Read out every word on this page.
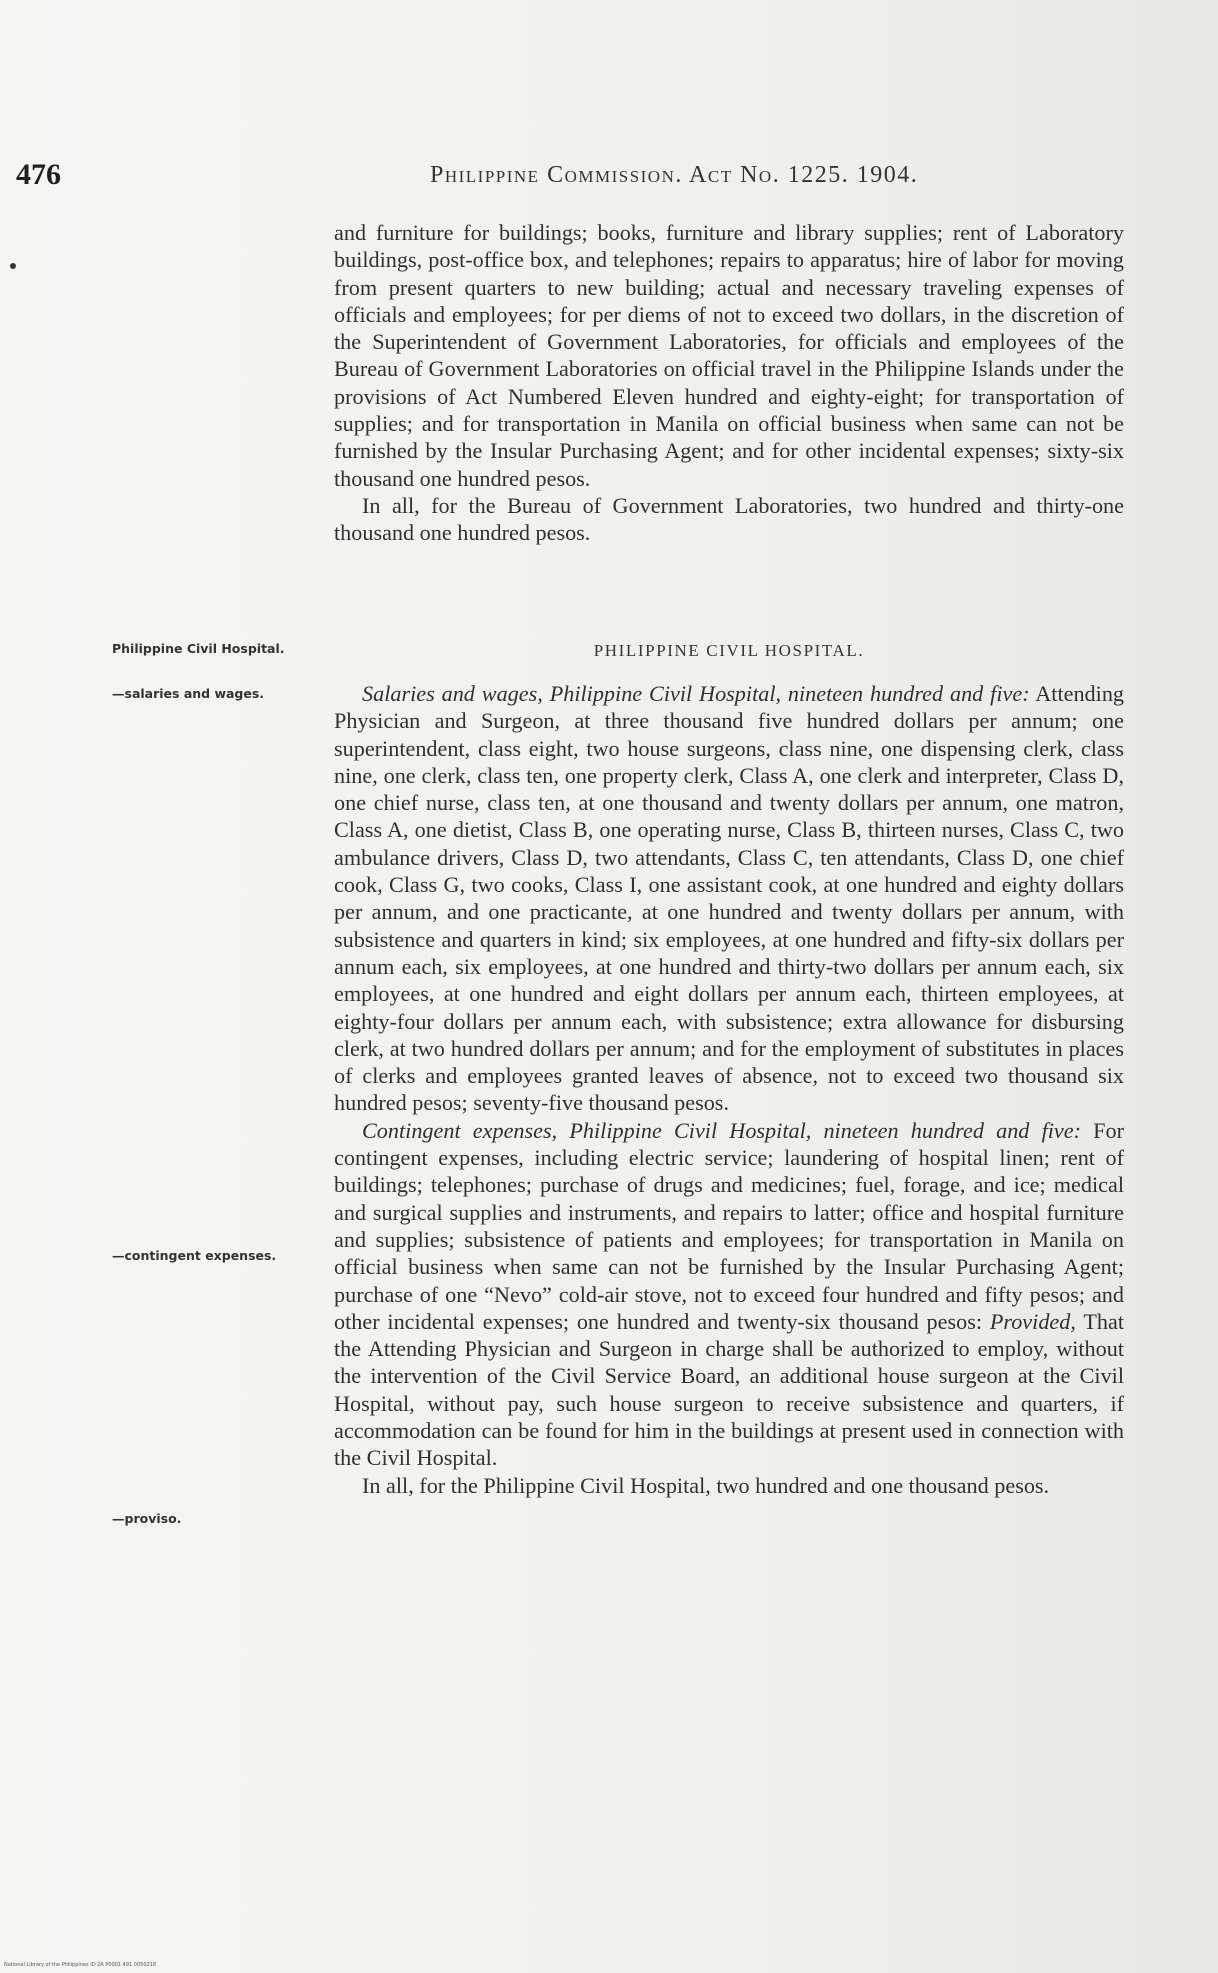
476	Philippine Commission. Act No. 1225. 1904.

and furniture for buildings; books, furniture and library supplies; rent of Laboratory buildings, post-office box, and telephones; repairs to apparatus; hire of labor for moving from present quarters to new building; actual and necessary traveling expenses of officials and employees; for per diems of not to exceed two dollars, in the discretion of the Superintendent of Government Laboratories, for officials and employees of the Bureau of Government Laboratories on official travel in the Philippine Islands under the provisions of Act Numbered Eleven hundred and eighty-eight; for transportation of supplies; and for transportation in Manila on official business when same can not be furnished by the Insular Purchasing Agent; and for other incidental expenses; sixty-six thousand one hundred pesos.

In all, for the Bureau of Government Laboratories, two hundred and thirty-one thousand one hundred pesos.

PHILIPPINE CIVIL HOSPITAL.

Salaries and wages, Philippine Civil Hospital, nineteen hundred and five: Attending Physician and Surgeon, at three thousand five hundred dollars per annum; one superintendent, class eight, two house surgeons, class nine, one dispensing clerk, class nine, one clerk, class ten, one property clerk, Class A, one clerk and interpreter, Class D, one chief nurse, class ten, at one thousand and twenty dollars per annum, one matron, Class A, one dietist, Class B, one operating nurse, Class B, thirteen nurses, Class C, two ambulance drivers, Class D, two attendants, Class C, ten attendants, Class D, one chief cook, Class G, two cooks, Class I, one assistant cook, at one hundred and eighty dollars per annum, and one practicante, at one hundred and twenty dollars per annum, with subsistence and quarters in kind; six employees, at one hundred and fifty-six dollars per annum each, six employees, at one hundred and thirty-two dollars per annum each, six employees, at one hundred and eight dollars per annum each, thirteen employees, at eighty-four dollars per annum each, with subsistence; extra allowance for disbursing clerk, at two hundred dollars per annum; and for the employment of substitutes in places of clerks and employees granted leaves of absence, not to exceed two thousand six hundred pesos; seventy-five thousand pesos.

Contingent expenses, Philippine Civil Hospital, nineteen hundred and five: For contingent expenses, including electric service; laundering of hospital linen; rent of buildings; telephones; purchase of drugs and medicines; fuel, forage, and ice; medical and surgical supplies and instruments, and repairs to latter; office and hospital furniture and supplies; subsistence of patients and employees; for transportation in Manila on official business when same can not be furnished by the Insular Purchasing Agent; purchase of one “Nevo” cold-air stove, not to exceed four hundred and fifty pesos; and other incidental expenses; one hundred and twenty-six thousand pesos: Provided, That the Attending Physician and Surgeon in charge shall be authorized to employ, without the intervention of the Civil Service Board, an additional house surgeon at the Civil Hospital, without pay, such house surgeon to receive subsistence and quarters, if accommodation can be found for him in the buildings at present used in connection with the Civil Hospital.

In all, for the Philippine Civil Hospital, two hundred and one thousand pesos.

Philippine Civil Hospital.
—salaries and wages.
—contingent expenses.
—proviso.
National Library of the Philippines ID 2A P0001 491 0050218
